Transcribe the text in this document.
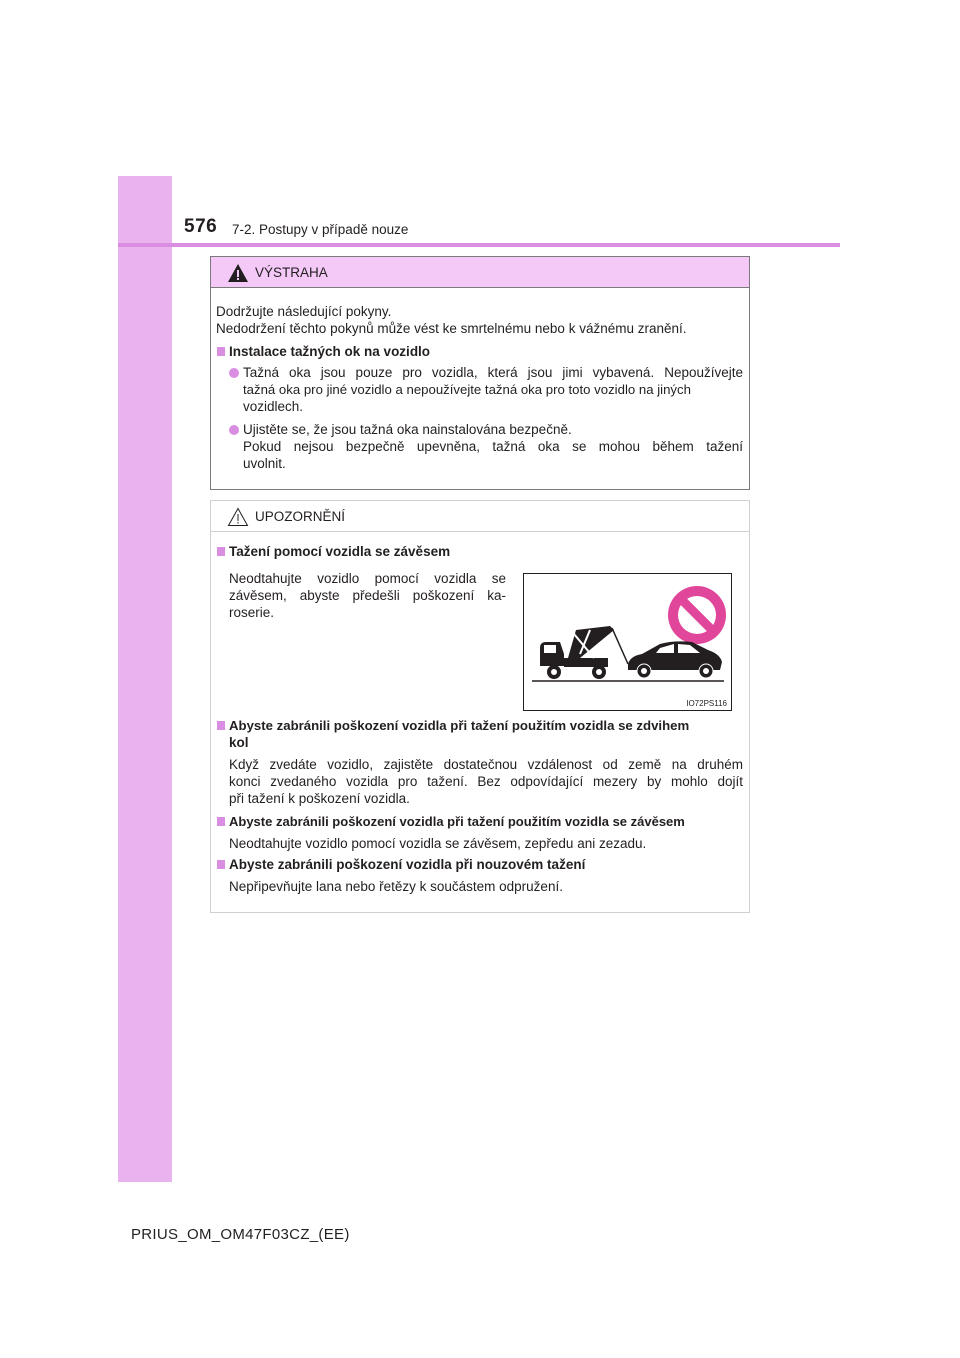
576 7-2. Postupy v případě nouze
VÝSTRAHA
Dodržujte následující pokyny.
Nedodržení těchto pokynů může vést ke smrtelnému nebo k vážnému zranění.
Instalace tažných ok na vozidlo
Tažná oka jsou pouze pro vozidla, která jsou jimi vybavená. Nepoužívejte
tažná oka pro jiné vozidlo a nepoužívejte tažná oka pro toto vozidlo na jiných
vozidlech.
Ujistěte se, že jsou tažná oka nainstalována bezpečně.
Pokud nejsou bezpečně upevněna, tažná oka se mohou během tažení
uvolnit.
UPOZORNĚNÍ
Tažení pomocí vozidla se závěsem
Neodtahujte vozidlo pomocí vozidla se
závěsem, abyste předešli poškození ka-
roserie.
Abyste zabránili poškození vozidla při tažení použitím vozidla se zdvihem
kol
Když zvedáte vozidlo, zajistěte dostatečnou vzdálenost od země na druhém
konci zvedaného vozidla pro tažení. Bez odpovídající mezery by mohlo dojít
při tažení k poškození vozidla.
Abyste zabránili poškození vozidla při tažení použitím vozidla se závěsem
Neodtahujte vozidlo pomocí vozidla se závěsem, zepředu ani zezadu.
Abyste zabránili poškození vozidla při nouzovém tažení
Nepřipevňujte lana nebo řetězy k součástem odpružení.
IO72PS116
PRIUS_OM_OM47F03CZ_(EE)
